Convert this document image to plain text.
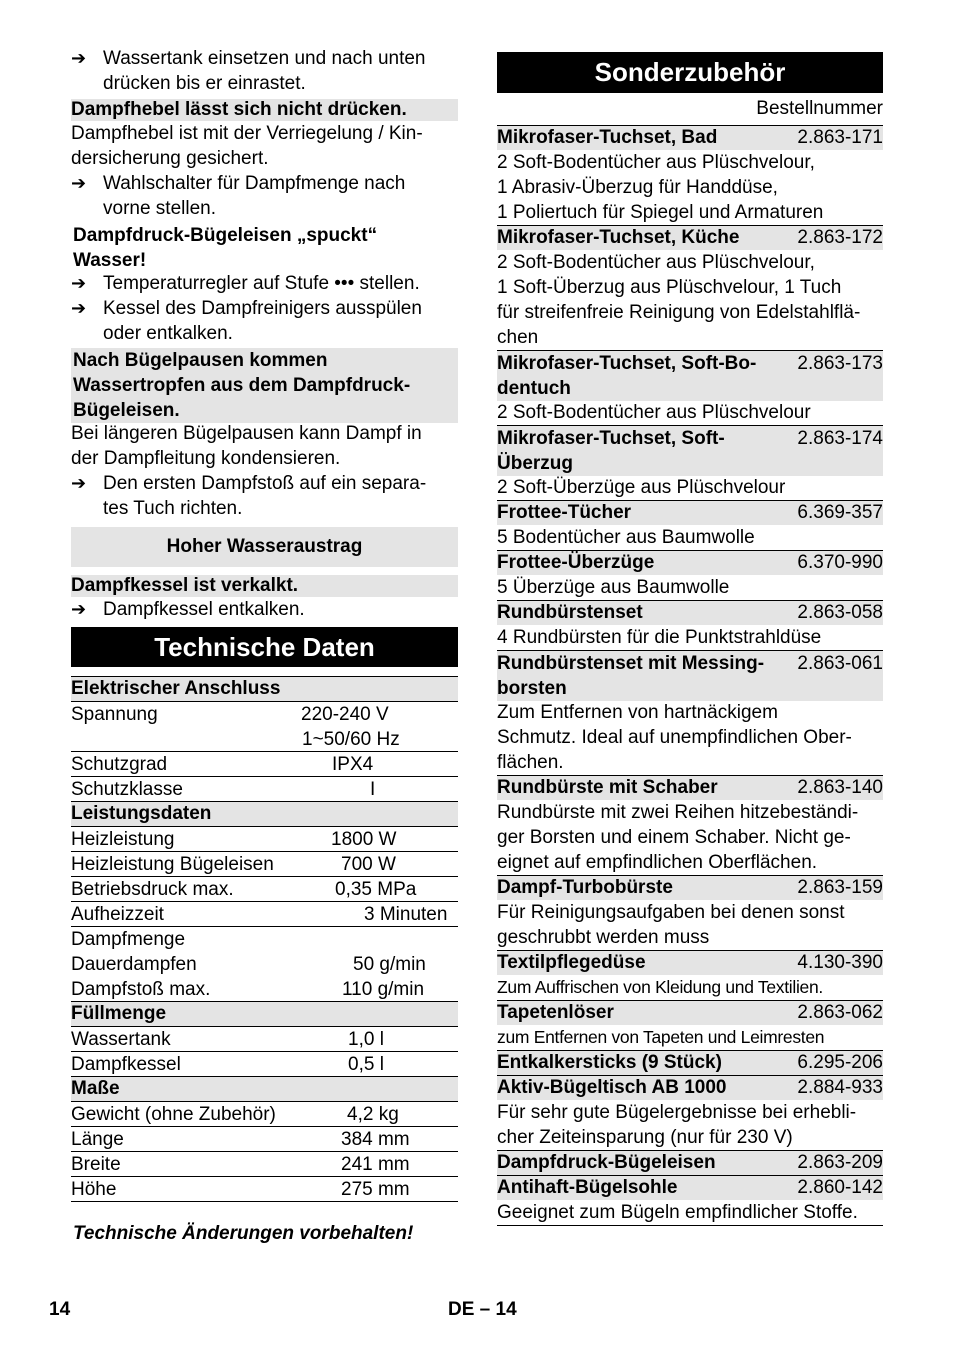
➔ Wassertank einsetzen und nach unten
drücken bis er einrastet.
Dampfhebel lässt sich nicht drücken.
Dampfhebel ist mit der Verriegelung / Kin-
dersicherung gesichert.
➔ Wahlschalter für Dampfmenge nach
vorne stellen.
Dampfdruck-Bügeleisen „spuckt“
Wasser!
➔ Temperaturregler auf Stufe ••• stellen.
➔ Kessel des Dampfreinigers ausspülen
oder entkalken.
Nach Bügelpausen kommen
Wassertropfen aus dem Dampfdruck-
Bügeleisen.
Bei längeren Bügelpausen kann Dampf in
der Dampfleitung kondensieren.
➔ Den ersten Dampfstoß auf ein separa-
tes Tuch richten.
Hoher Wasseraustrag
Dampfkessel ist verkalkt.
➔ Dampfkessel entkalken.
Technische Daten
Elektrischer Anschluss
Spannung	220-240 V
1~50/60 Hz
Schutzgrad	IPX4
Schutzklasse	I
Leistungsdaten
Heizleistung	1800 W
Heizleistung Bügeleisen	700 W
Betriebsdruck max.	0,35 MPa
Aufheizzeit	3 Minuten
Dampfmenge
Dauerdampfen	50 g/min
Dampfstoß max.	110 g/min
Füllmenge
Wassertank	1,0 l
Dampfkessel	0,5 l
Maße
Gewicht (ohne Zubehör)	4,2 kg
Länge	384 mm
Breite	241 mm
Höhe	275 mm
Technische Änderungen vorbehalten!
Sonderzubehör
Bestellnummer
Mikrofaser-Tuchset, Bad	2.863-171
2 Soft-Bodentücher aus Plüschvelour,
1 Abrasiv-Überzug für Handdüse,
1 Poliertuch für Spiegel und Armaturen
Mikrofaser-Tuchset, Küche	2.863-172
2 Soft-Bodentücher aus Plüschvelour,
1 Soft-Überzug aus Plüschvelour, 1 Tuch
für streifenfreie Reinigung von Edelstahlflä-
chen
Mikrofaser-Tuchset, Soft-Bo-
dentuch
2.863-173
2 Soft-Bodentücher aus Plüschvelour
Mikrofaser-Tuchset, Soft-
Überzug
2.863-174
2 Soft-Überzüge aus Plüschvelour
Frottee-Tücher	6.369-357
5 Bodentücher aus Baumwolle
Frottee-Überzüge	6.370-990
5 Überzüge aus Baumwolle
Rundbürstenset	2.863-058
4 Rundbürsten für die Punktstrahldüse
Rundbürstenset mit Messing-
borsten
2.863-061
Zum Entfernen von hartnäckigem
Schmutz. Ideal auf unempfindlichen Ober-
flächen.
Rundbürste mit Schaber	2.863-140
Rundbürste mit zwei Reihen hitzebeständi-
ger Borsten und einem Schaber. Nicht ge-
eignet auf empfindlichen Oberflächen.
Dampf-Turbobürste	2.863-159
Für Reinigungsaufgaben bei denen sonst
geschrubbt werden muss
Textilpflegedüse	4.130-390
Zum Auffrischen von Kleidung und Textilien.
Tapetenlöser	2.863-062
zum Entfernen von Tapeten und Leimresten
Entkalkersticks (9 Stück)	6.295-206
Aktiv-Bügeltisch AB 1000	2.884-933
Für sehr gute Bügelergebnisse bei erhebli-
cher Zeiteinsparung (nur für 230 V)
Dampfdruck-Bügeleisen	2.863-209
Antihaft-Bügelsohle	2.860-142
Geeignet zum Bügeln empfindlicher Stoffe.
14	DE – 14
